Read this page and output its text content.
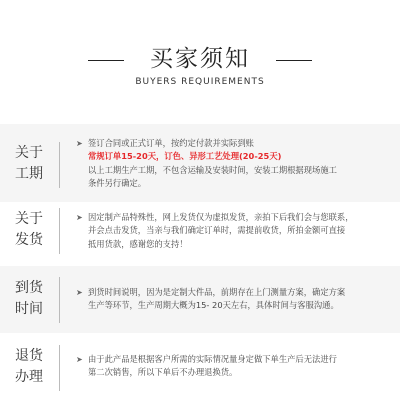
买家须知
BUYERS REQUIREMENTS
关于
工期
➤ 签订合同或正式订单，按约定付款并实际到账
常规订单15-20天，订色、异形工艺处理(20-25天)
以上工期生产工期，不包含运输及安装时间，安装工期根据现场施工
条件另行确定。
关于
发货
➤ 因定制产品特殊性，网上发货仅为虚拟发货，亲拍下后我们会与您联系，
并会点击发货，当亲与我们确定订单时，需提前收货，所拍金额可直接
抵用货款，感谢您的支持！
到货
时间
➤ 到货时间说明，因为是定制大件品，前期存在上门测量方案，确定方案
生产等环节，生产周期大概为15- 20天左右，具体时间与客服沟通。
退货
办理
➤ 由于此产品是根据客户所需的实际情况量身定做下单生产后无法进行
第二次销售，所以下单后不办理退换货。
